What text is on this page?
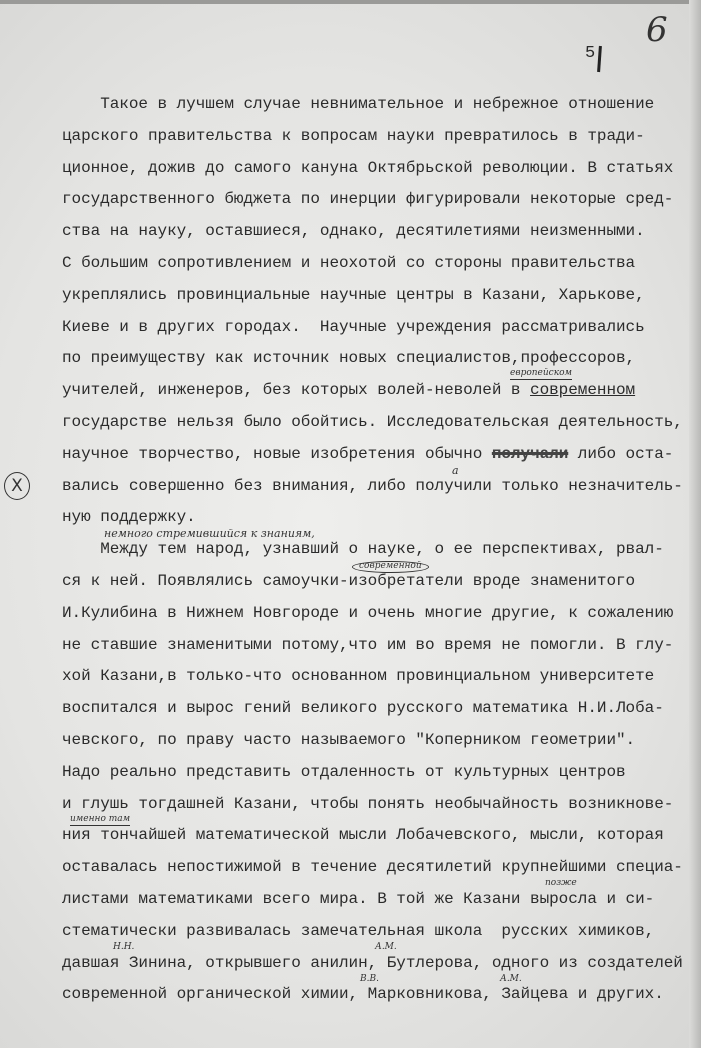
6
5
X
Такое в лучшем случае невнимательное и небрежное отношение
царского правительства к вопросам науки превратилось в тради-
ционное, дожив до самого кануна Октябрьской революции. В статьях
государственного бюджета по инерции фигурировали некоторые сред-
ства на науку, оставшиеся, однако, десятилетиями неизменными.
С большим сопротивлением и неохотой со стороны правительства
укреплялись провинциальные научные центры в Казани, Харькове,
Киеве и в других городах.  Научные учреждения рассматривались
по преимуществу как источник новых специалистов,профессоров,
учителей, инженеров, без которых волей-неволей в современном
государстве нельзя было обойтись. Исследовательская деятельность,
научное творчество, новые изобретения обычно получали либо оста-
вались совершенно без внимания, либо получили только незначитель-
ную поддержку.
Между тем народ, узнавший о науке, о ее перспективах, рвал-
ся к ней. Появлялись самоучки-изобретатели вроде знаменитого
И.Кулибина в Нижнем Новгороде и очень многие другие, к сожалению
не ставшие знаменитыми потому,что им во время не помогли. В глу-
хой Казани,в только-что основанном провинциальном университете
воспитался и вырос гений великого русского математика Н.И.Лоба-
чевского, по праву часто называемого "Коперником геометрии".
Надо реально представить отдаленность от культурных центров
и глушь тогдашней Казани, чтобы понять необычайность возникнове-
ния тончайшей математической мысли Лобачевского, мысли, которая
оставалась непостижимой в течение десятилетий крупнейшими специа-
листами математиками всего мира. В той же Казани выросла и си-
стематически развивалась замечательная школа  русских химиков,
давшая Зинина, открывшего анилин, Бутлерова, одного из создателей
современной органической химии, Марковникова, Зайцева и других.
а
европейском
немного стремившийся к знаниям,
современной
именно там
позже
Н.Н.	А.М.
В.В.	А.М.
